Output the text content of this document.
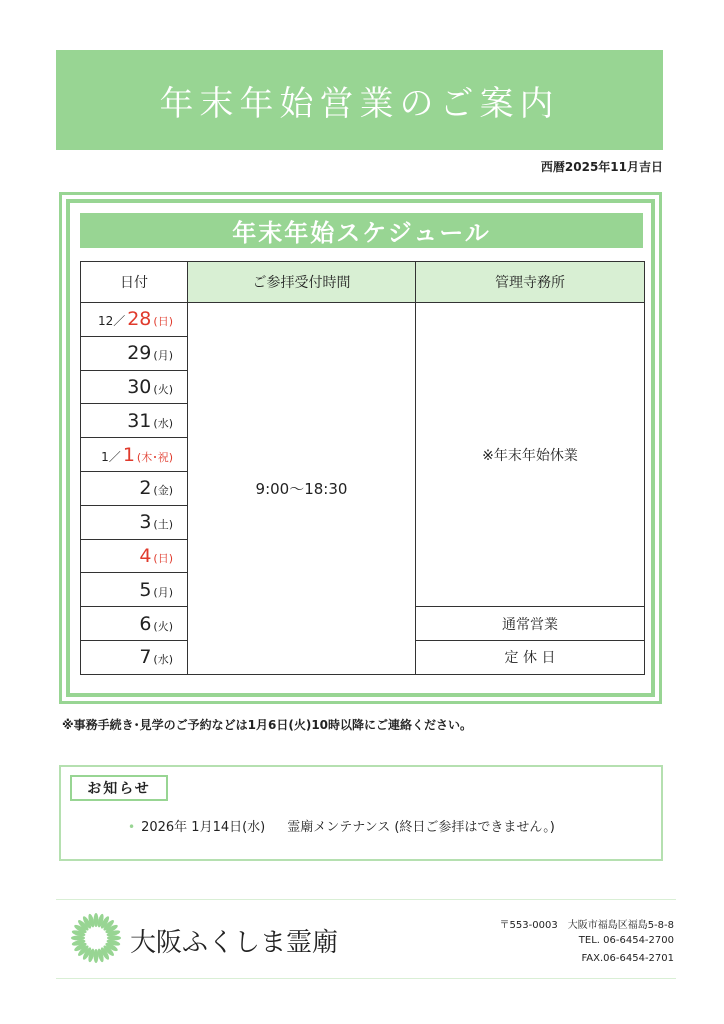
年末年始営業のご案内
西暦2025年11月吉日
年末年始スケジュール
日付	ご参拝受付時間	管理寺務所
12／ 28 (日)	9:00〜18:30	※年末年始休業
29 (月)		
30 (火)		
31 (水)		
1／ 1 (木･祝)		
2 (金)		
3 (土)		
4 (日)		
5 (月)		
6 (火)		通常営業
7 (水)		定 休 日
※事務手続き･見学のご予約などは1月6日(火)10時以降にご連絡ください。
お知らせ
• 2026年 1月14日(水) 霊廟メンテナンス (終日ご参拝はできません。)
大阪ふくしま霊廟
〒553-0003　大阪市福島区福島5-8-8
TEL. 06-6454-2700
FAX.06-6454-2701
